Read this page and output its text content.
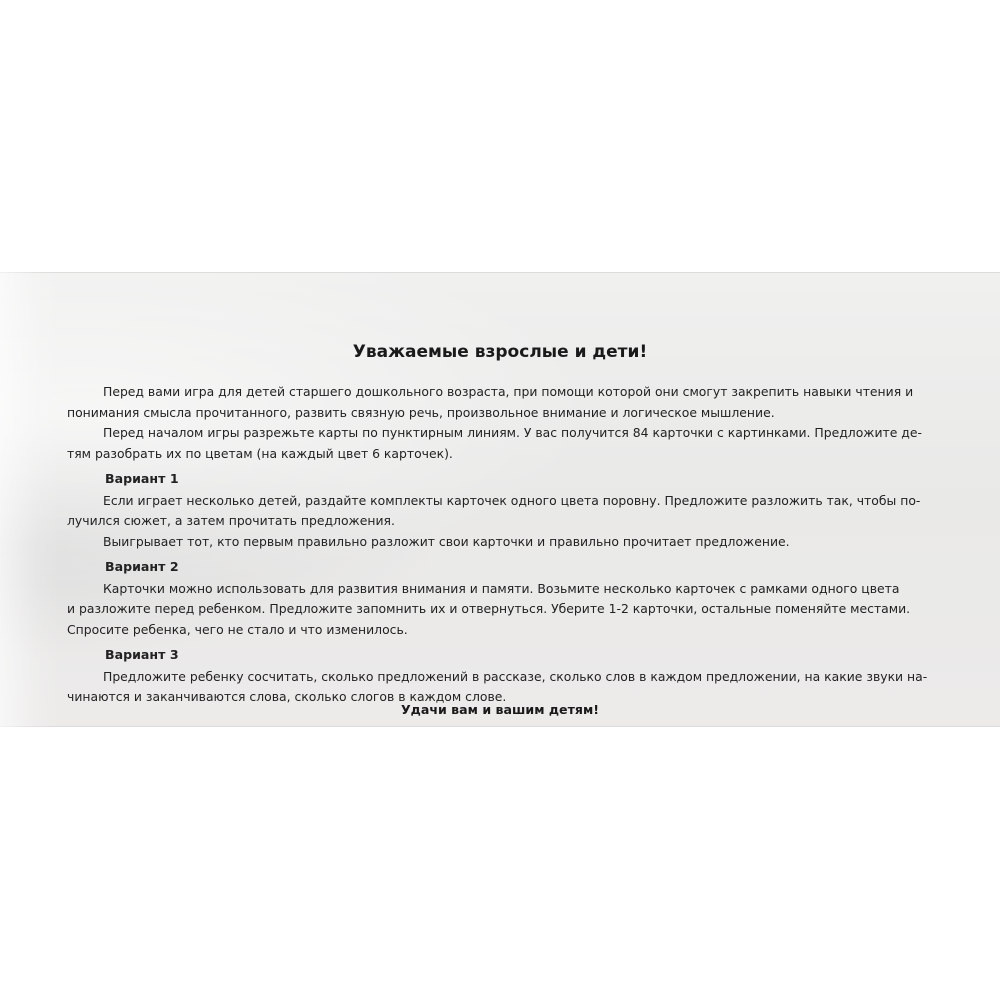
Уважаемые взрослые и дети!
Перед вами игра для детей старшего дошкольного возраста, при помощи которой они смогут закрепить навыки чтения и
понимания смысла прочитанного, развить связную речь, произвольное внимание и логическое мышление.
Перед началом игры разрежьте карты по пунктирным линиям. У вас получится 84 карточки с картинками. Предложите де-
тям разобрать их по цветам (на каждый цвет 6 карточек).
Вариант 1
Если играет несколько детей, раздайте комплекты карточек одного цвета поровну. Предложите разложить так, чтобы по-
лучился сюжет, а затем прочитать предложения.
Выигрывает тот, кто первым правильно разложит свои карточки и правильно прочитает предложение.
Вариант 2
Карточки можно использовать для развития внимания и памяти. Возьмите несколько карточек с рамками одного цвета
и разложите перед ребенком. Предложите запомнить их и отвернуться. Уберите 1-2 карточки, остальные поменяйте местами.
Спросите ребенка, чего не стало и что изменилось.
Вариант 3
Предложите ребенку сосчитать, сколько предложений в рассказе, сколько слов в каждом предложении, на какие звуки на-
чинаются и заканчиваются слова, сколько слогов в каждом слове.
Удачи вам и вашим детям!
